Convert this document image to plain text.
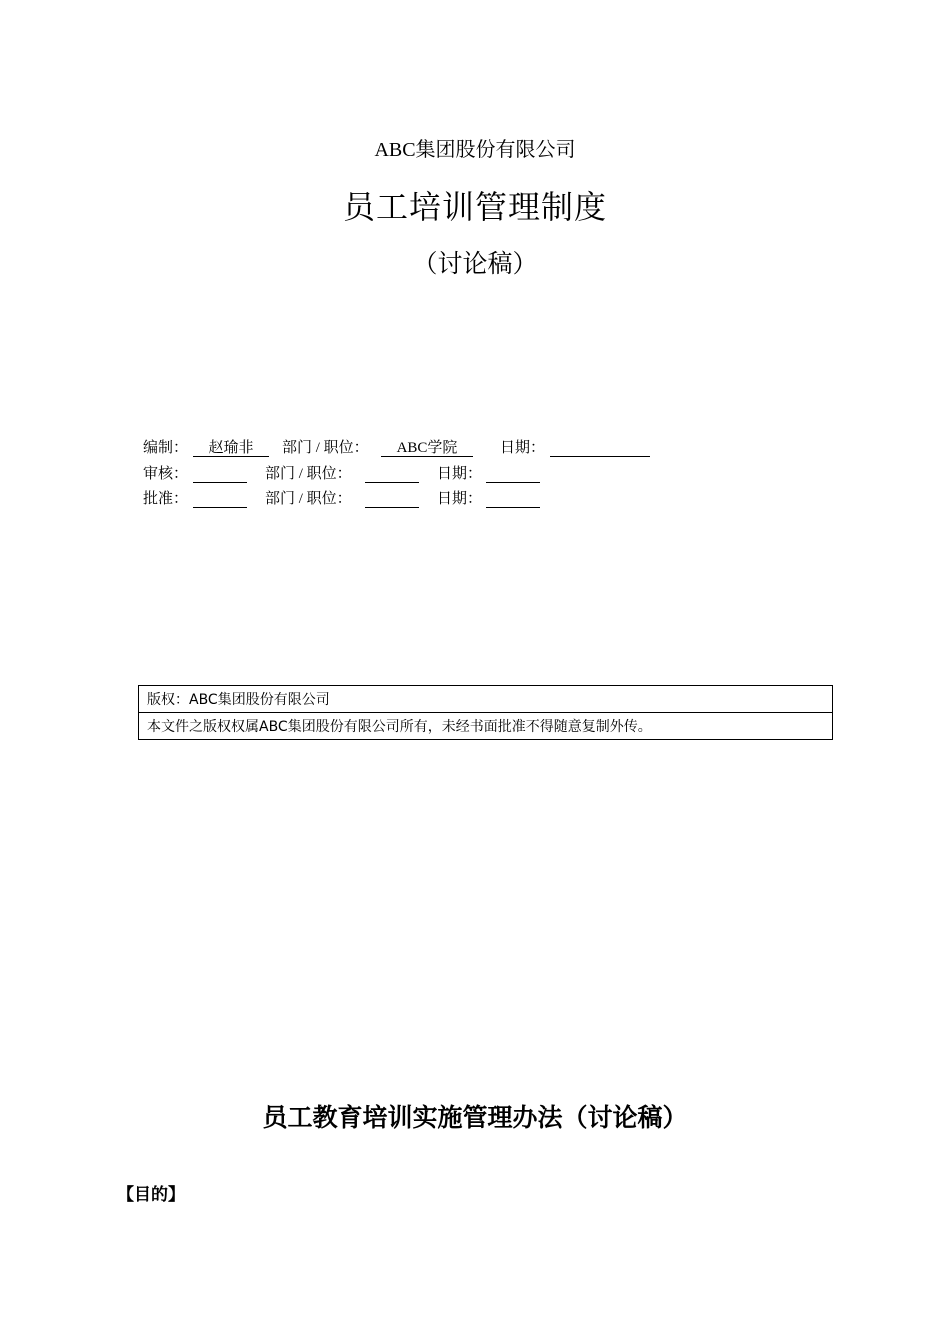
ABC集团股份有限公司
员工培训管理制度
（讨论稿）
编制：	赵瑜非	部门 / 职位：	ABC学院	日期：
审核：	部门 / 职位：	日期：
批准：	部门 / 职位：	日期：
版权：ABC集团股份有限公司
本文件之版权权属ABC集团股份有限公司所有，未经书面批准不得随意复制外传。
员工教育培训实施管理办法（讨论稿）
【目的】
